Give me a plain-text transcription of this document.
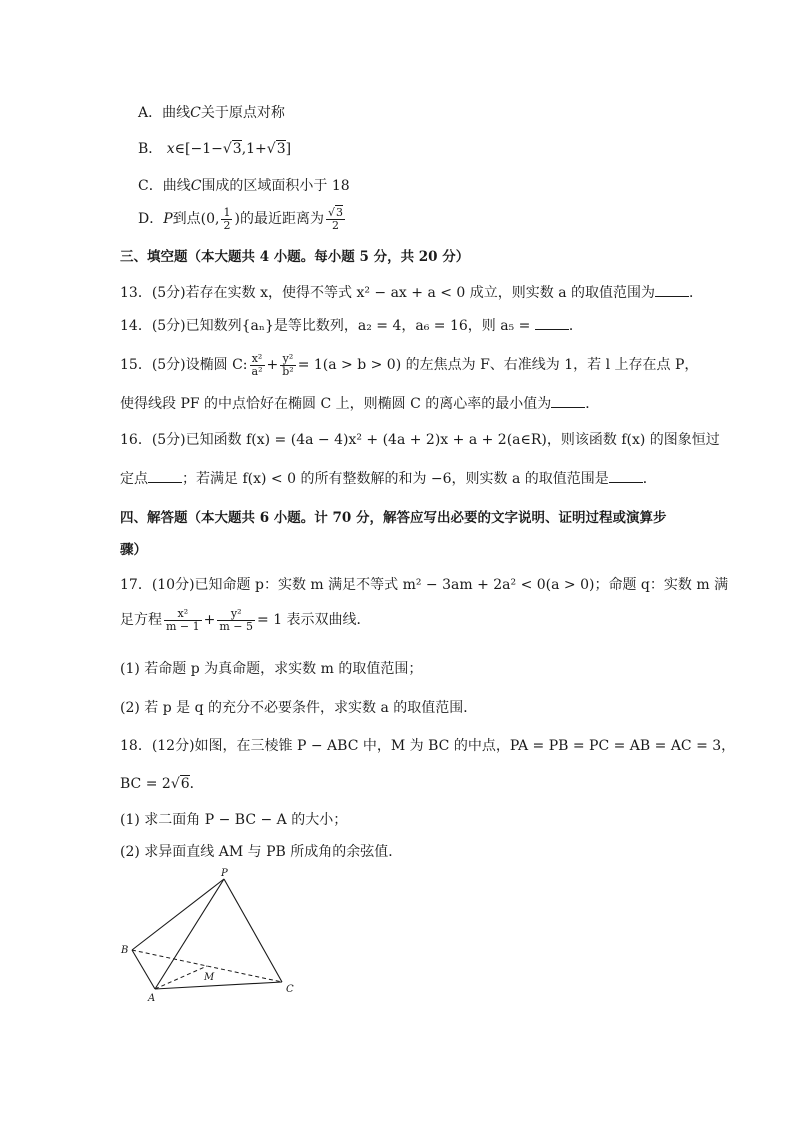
A．曲线C关于原点对称
B． x∈[−1−√3,1+√3]
C．曲线C围成的区域面积小于 18
D．P到点(0, $\frac{1}{2}$ )的最近距离为 $\frac{√3}{2}$
三、填空题（本大题共 4 小题。每小题 5 分，共 20 分）
13．(5分)若存在实数 x，使得不等式 x² − ax + a < 0 成立，则实数 a 的取值范围为 ．
14．(5分)已知数列{aₙ}是等比数列，a₂ = 4，a₆ = 16，则 a₅ =	．
15．(5分)设椭圆 C: $\frac{\text{x²}}{\text{a²}} + \frac{\text{y²}}{\text{b²}} = 1(a > b > 0)$ 的左焦点为 F、右准线为 1，若 l 上存在点 P，
使得线段 PF 的中点恰好在椭圆 C 上，则椭圆 C 的离心率的最小值为 ．
16．(5分)已知函数 f(x) = (4a − 4)x² + (4a + 2)x + a + 2(a∈R)，则该函数 f(x) 的图象恒过
定点 ；若满足 f(x) < 0 的所有整数解的和为 −6，则实数 a 的取值范围是 ．
四、解答题（本大题共 6 小题。计 70 分，解答应写出必要的文字说明、证明过程或演算步
骤）
17．(10分)已知命题 p：实数 m 满足不等式 m² − 3am + 2a² < 0(a > 0)；命题 q：实数 m 满
足方程 $\frac{\text{x²}}{m - 1} + \frac{\text{y²}}{m - 5} = 1$ 表示双曲线．
(1) 若命题 p 为真命题，求实数 m 的取值范围；
(2) 若 p 是 q 的充分不必要条件，求实数 a 的取值范围．
18．(12分)如图，在三棱锥 P − ABC 中，M 为 BC 的中点，PA = PB = PC = AB = AC = 3，
BC = 2√6．
(1) 求二面角 P − BC − A 的大小；
(2) 求异面直线 AM 与 PB 所成角的余弦值．
P
B
M
A
C
